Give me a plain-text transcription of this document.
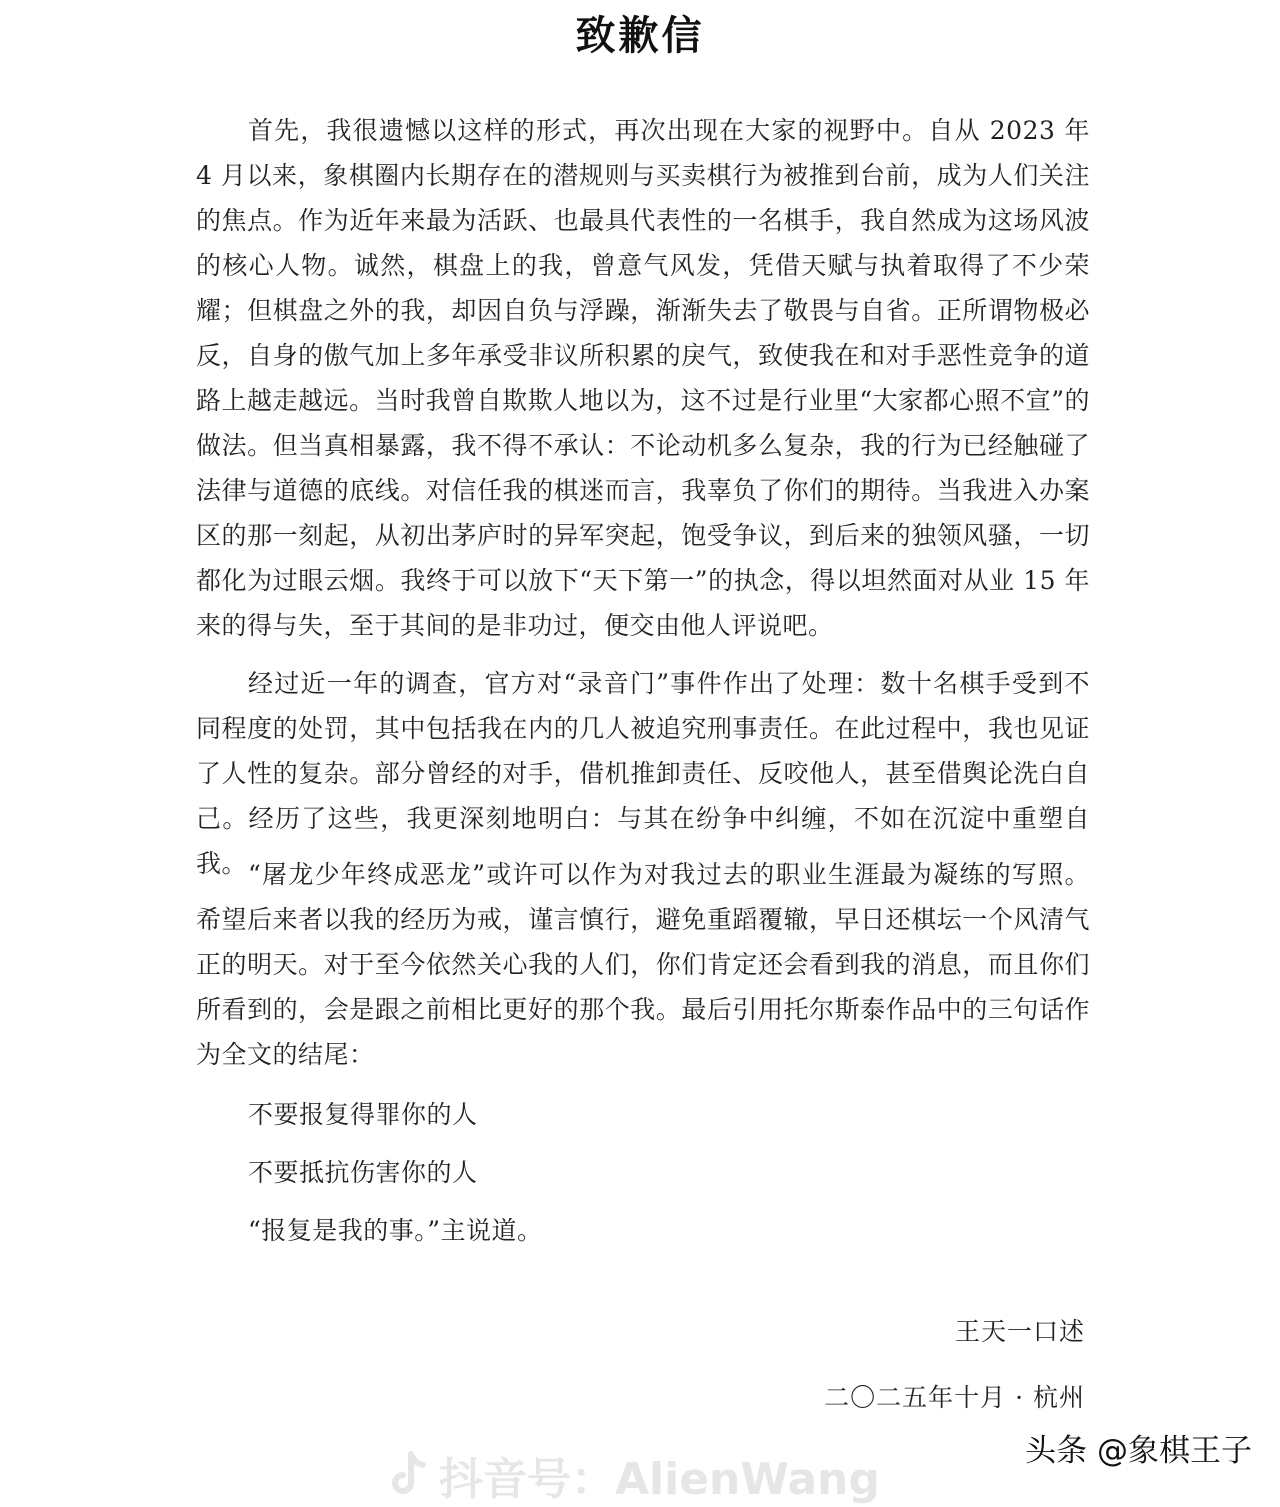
致歉信

首先，我很遗憾以这样的形式，再次出现在大家的视野中。自从 2023 年 4 月以来，象棋圈内长期存在的潜规则与买卖棋行为被推到台前，成为人们关注的焦点。作为近年来最为活跃、也最具代表性的一名棋手，我自然成为这场风波的核心人物。诚然，棋盘上的我，曾意气风发，凭借天赋与执着取得了不少荣耀；但棋盘之外的我，却因自负与浮躁，渐渐失去了敬畏与自省。正所谓物极必反，自身的傲气加上多年承受非议所积累的戾气，致使我在和对手恶性竞争的道路上越走越远。当时我曾自欺欺人地以为，这不过是行业里“大家都心照不宣”的做法。但当真相暴露，我不得不承认：不论动机多么复杂，我的行为已经触碰了法律与道德的底线。对信任我的棋迷而言，我辜负了你们的期待。当我进入办案区的那一刻起，从初出茅庐时的异军突起，饱受争议，到后来的独领风骚，一切都化为过眼云烟。我终于可以放下“天下第一”的执念，得以坦然面对从业 15 年来的得与失，至于其间的是非功过，便交由他人评说吧。

经过近一年的调查，官方对“录音门”事件作出了处理：数十名棋手受到不同程度的处罚，其中包括我在内的几人被追究刑事责任。在此过程中，我也见证了人性的复杂。部分曾经的对手，借机推卸责任、反咬他人，甚至借舆论洗白自己。经历了这些，我更深刻地明白：与其在纷争中纠缠，不如在沉淀中重塑自我。 “屠龙少年终成恶龙”或许可以作为对我过去的职业生涯最为凝练的写照。希望后来者以我的经历为戒，谨言慎行，避免重蹈覆辙，早日还棋坛一个风清气正的明天。对于至今依然关心我的人们，你们肯定还会看到我的消息，而且你们所看到的，会是跟之前相比更好的那个我。最后引用托尔斯泰作品中的三句话作为全文的结尾：

不要报复得罪你的人

不要抵抗伤害你的人

“报复是我的事。”主说道。

王天一口述
二〇二五年十月 · 杭州
抖音号：AlienWang
头条 @象棋王子
